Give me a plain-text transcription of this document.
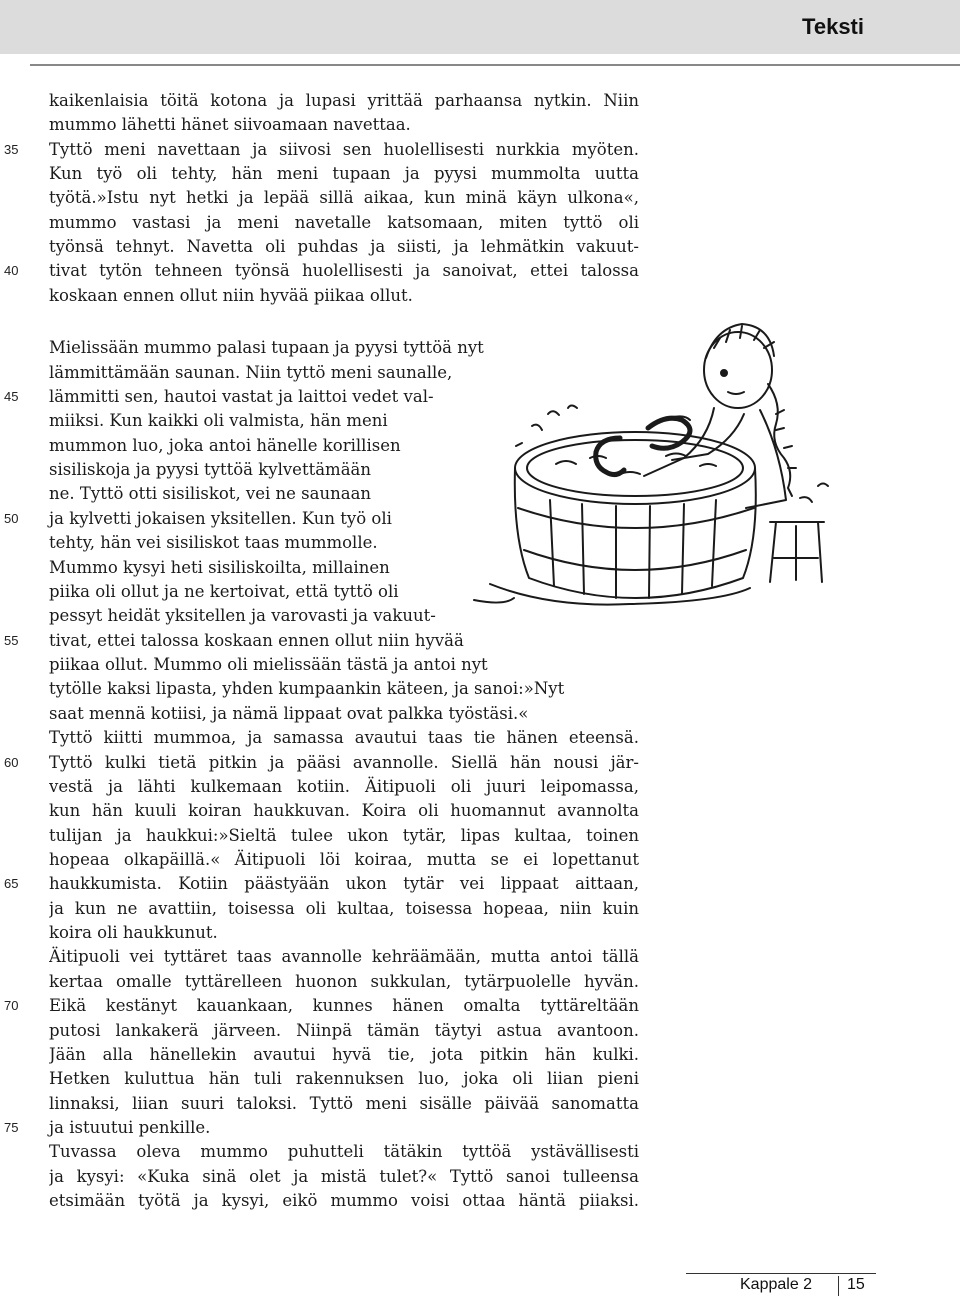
Teksti
35
40
45
50
55
60
65
70
75
kaikenlaisia töitä kotona ja lupasi yrittää parhaansa nytkin. Niin
mummo lähetti hänet siivoamaan navettaa.
Tyttö meni navettaan ja siivosi sen huolellisesti nurkkia myöten.
Kun työ oli tehty, hän meni tupaan ja pyysi mummolta uutta
työtä.»Istu nyt hetki ja lepää sillä aikaa, kun minä käyn ulkona«,
mummo vastasi ja meni navetalle katsomaan, miten tyttö oli
työnsä tehnyt. Navetta oli puhdas ja siisti, ja lehmätkin vakuut-
tivat tytön tehneen työnsä huolellisesti ja sanoivat, ettei talossa
koskaan ennen ollut niin hyvää piikaa ollut.
Mielissään mummo palasi tupaan ja pyysi tyttöä nyt
lämmittämään saunan. Niin tyttö meni saunalle,
lämmitti sen, hautoi vastat ja laittoi vedet val-
miiksi. Kun kaikki oli valmista, hän meni
mummon luo, joka antoi hänelle korillisen
sisiliskoja ja pyysi tyttöä kylvettämään
ne. Tyttö otti sisiliskot, vei ne saunaan
ja kylvetti jokaisen yksitellen. Kun työ oli
tehty, hän vei sisiliskot taas mummolle.
Mummo kysyi heti sisiliskoilta, millainen
piika oli ollut ja ne kertoivat, että tyttö oli
pessyt heidät yksitellen ja varovasti ja vakuut-
tivat, ettei talossa koskaan ennen ollut niin hyvää
piikaa ollut. Mummo oli mielissään tästä ja antoi nyt
tytölle kaksi lipasta, yhden kumpaankin käteen, ja sanoi:»Nyt
saat mennä kotiisi, ja nämä lippaat ovat palkka työstäsi.«
Tyttö kiitti mummoa, ja samassa avautui taas tie hänen eteensä.
Tyttö kulki tietä pitkin ja pääsi avannolle. Siellä hän nousi jär-
vestä ja lähti kulkemaan kotiin. Äitipuoli oli juuri leipomassa,
kun hän kuuli koiran haukkuvan. Koira oli huomannut avannolta
tulijan ja haukkui:»Sieltä tulee ukon tytär, lipas kultaa, toinen
hopeaa olkapäillä.« Äitipuoli löi koiraa, mutta se ei lopettanut
haukkumista. Kotiin päästyään ukon tytär vei lippaat aittaan,
ja kun ne avattiin, toisessa oli kultaa, toisessa hopeaa, niin kuin
koira oli haukkunut.
Äitipuoli vei tyttäret taas avannolle kehräämään, mutta antoi tällä
kertaa omalle tyttärelleen huonon sukkulan, tytärpuolelle hyvän.
Eikä kestänyt kauankaan, kunnes hänen omalta tyttäreltään
putosi lankakerä järveen. Niinpä tämän täytyi astua avantoon.
Jään alla hänellekin avautui hyvä tie, jota pitkin hän kulki.
Hetken kuluttua hän tuli rakennuksen luo, joka oli liian pieni
linnaksi, liian suuri taloksi. Tyttö meni sisälle päivää sanomatta
ja istuutui penkille.
Tuvassa oleva mummo puhutteli tätäkin tyttöä ystävällisesti
ja kysyi: «Kuka sinä olet ja mistä tulet?« Tyttö sanoi tulleensa
etsimään työtä ja kysyi, eikö mummo voisi ottaa häntä piiaksi.
Kappale 2 15
